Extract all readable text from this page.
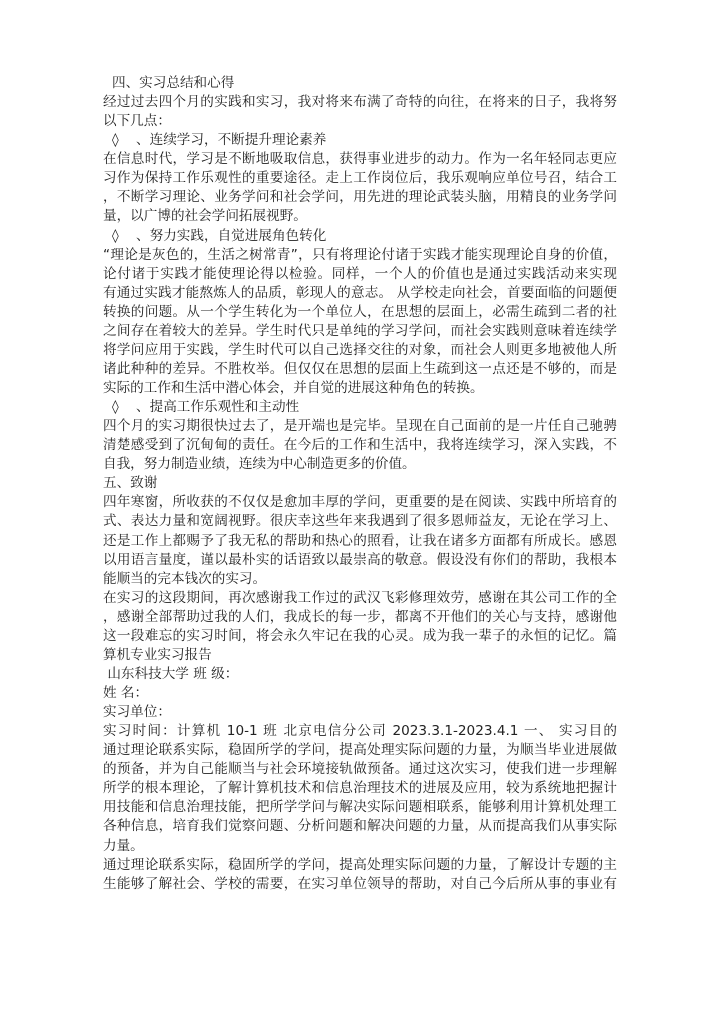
四、实习总结和心得
经过过去四个月的实践和实习，我对将来布满了奇特的向往，在将来的日子，我将努
以下几点：
◊    、连续学习，不断提升理论素养
在信息时代，学习是不断地吸取信息，获得事业进步的动力。作为一名年轻同志更应
习作为保持工作乐观性的重要途径。走上工作岗位后，我乐观响应单位号召，结合工
，不断学习理论、业务学问和社会学问，用先进的理论武装头脑，用精良的业务学问
量，以广博的社会学问拓展视野。
◊    、努力实践，自觉进展角色转化
“理论是灰色的，生活之树常青”，只有将理论付诸于实践才能实现理论自身的价值，
论付诸于实践才能使理论得以检验。同样，一个人的价值也是通过实践活动来实现
有通过实践才能熬炼人的品质，彰现人的意志。 从学校走向社会，首要面临的问题便
转换的问题。从一个学生转化为一个单位人，在思想的层面上，必需生疏到二者的社
之间存在着较大的差异。学生时代只是单纯的学习学问，而社会实践则意味着连续学
将学问应用于实践，学生时代可以自己选择交往的对象，而社会人则更多地被他人所
诸此种种的差异。不胜枚举。但仅仅在思想的层面上生疏到这一点还是不够的，而是
实际的工作和生活中潜心体会，并自觉的进展这种角色的转换。
◊    、提高工作乐观性和主动性
四个月的实习期很快过去了，是开端也是完毕。呈现在自己面前的是一片任自己驰骋
清楚感受到了沉甸甸的责任。在今后的工作和生活中，我将连续学习，深入实践，不
自我，努力制造业绩，连续为中心制造更多的价值。
五、致谢
四年寒窗，所收获的不仅仅是愈加丰厚的学问，更重要的是在阅读、实践中所培育的
式、表达力量和宽阔视野。很庆幸这些年来我遇到了很多恩师益友，无论在学习上、
还是工作上都赐予了我无私的帮助和热心的照看，让我在诸多方面都有所成长。感恩
以用语言量度，谨以最朴实的话语致以最崇高的敬意。假设没有你们的帮助，我根本
能顺当的完本钱次的实习。
在实习的这段期间，再次感谢我工作过的武汉飞彩修理效劳，感谢在其公司工作的全
，感谢全部帮助过我的人们，我成长的每一步，都离不开他们的关心与支持，感谢他
这一段难忘的实习时间，将会永久牢记在我的心灵。成为我一辈子的永恒的记忆。篇
算机专业实习报告
山东科技大学 班 级：
姓 名：
实习单位：
实习时间：计算机 10-1 班 北京电信分公司 2023.3.1-2023.4.1 一、 实习目的
通过理论联系实际，稳固所学的学问，提高处理实际问题的力量，为顺当毕业进展做
的预备，并为自己能顺当与社会环境接轨做预备。通过这次实习，使我们进一步理解
所学的根本理论，了解计算机技术和信息治理技术的进展及应用，较为系统地把握计
用技能和信息治理技能，把所学学问与解决实际问题相联系，能够利用计算机处理工
各种信息，培育我们觉察问题、分析问题和解决问题的力量，从而提高我们从事实际
力量。
通过理论联系实际，稳固所学的学问，提高处理实际问题的力量，了解设计专题的主
生能够了解社会、学校的需要，在实习单位领导的帮助，对自己今后所从事的事业有
